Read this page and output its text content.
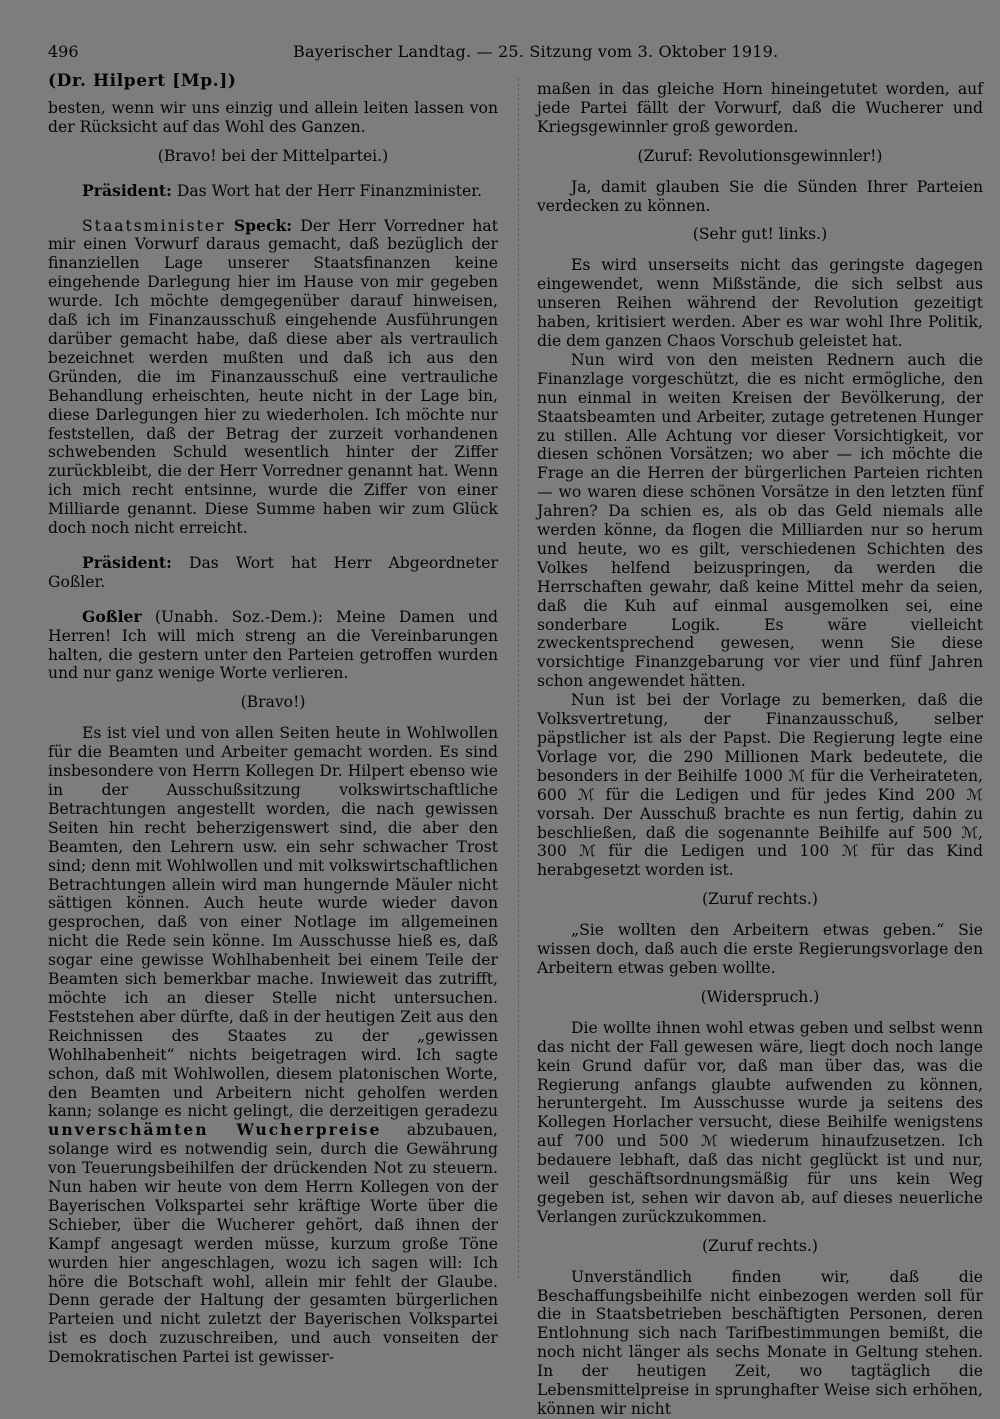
496	Bayerischer Landtag. — 25. Sitzung vom 3. Oktober 1919.
(Dr. Hilpert [Mp.])

besten, wenn wir uns einzig und allein leiten lassen von der Rücksicht auf das Wohl des Ganzen.

(Bravo! bei der Mittelpartei.)

Präsident: Das Wort hat der Herr Finanzminister.

Staatsminister Speck: Der Herr Vorredner hat mir einen Vorwurf daraus gemacht, daß bezüglich der finanziellen Lage unserer Staatsfinanzen keine eingehende Darlegung hier im Hause von mir gegeben wurde. Ich möchte demgegenüber darauf hinweisen, daß ich im Finanzausschuß eingehende Ausführungen darüber gemacht habe, daß diese aber als vertraulich bezeichnet werden mußten und daß ich aus den Gründen, die im Finanzausschuß eine vertrauliche Behandlung erheischten, heute nicht in der Lage bin, diese Darlegungen hier zu wiederholen. Ich möchte nur feststellen, daß der Betrag der zurzeit vorhandenen schwebenden Schuld wesentlich hinter der Ziffer zurückbleibt, die der Herr Vorredner genannt hat. Wenn ich mich recht entsinne, wurde die Ziffer von einer Milliarde genannt. Diese Summe haben wir zum Glück doch noch nicht erreicht.

Präsident: Das Wort hat Herr Abgeordneter Goßler.

Goßler (Unabh. Soz.-Dem.): Meine Damen und Herren! Ich will mich streng an die Vereinbarungen halten, die gestern unter den Parteien getroffen wurden und nur ganz wenige Worte verlieren.

(Bravo!)

Es ist viel und von allen Seiten heute in Wohlwollen für die Beamten und Arbeiter gemacht worden. Es sind insbesondere von Herrn Kollegen Dr. Hilpert ebenso wie in der Ausschußsitzung volkswirtschaftliche Betrachtungen angestellt worden, die nach gewissen Seiten hin recht beherzigenswert sind, die aber den Beamten, den Lehrern usw. ein sehr schwacher Trost sind; denn mit Wohlwollen und mit volkswirtschaftlichen Betrachtungen allein wird man hungernde Mäuler nicht sättigen können. Auch heute wurde wieder davon gesprochen, daß von einer Notlage im allgemeinen nicht die Rede sein könne. Im Ausschusse hieß es, daß sogar eine gewisse Wohlhabenheit bei einem Teile der Beamten sich bemerkbar mache. Inwieweit das zutrifft, möchte ich an dieser Stelle nicht untersuchen. Feststehen aber dürfte, daß in der heutigen Zeit aus den Reichnissen des Staates zu der „gewissen Wohlhabenheit“ nichts beigetragen wird. Ich sagte schon, daß mit Wohlwollen, diesem platonischen Worte, den Beamten und Arbeitern nicht geholfen werden kann; solange es nicht gelingt, die derzeitigen geradezu unverschämten Wucherpreise abzubauen, solange wird es notwendig sein, durch die Gewährung von Teuerungsbeihilfen der drückenden Not zu steuern. Nun haben wir heute von dem Herrn Kollegen von der Bayerischen Volkspartei sehr kräftige Worte über die Schieber, über die Wucherer gehört, daß ihnen der Kampf angesagt werden müsse, kurzum große Töne wurden hier angeschlagen, wozu ich sagen will: Ich höre die Botschaft wohl, allein mir fehlt der Glaube. Denn gerade der Haltung der gesamten bürgerlichen Parteien und nicht zuletzt der Bayerischen Volkspartei ist es doch zuzuschreiben, und auch vonseiten der Demokratischen Partei ist gewisser-

maßen in das gleiche Horn hineingetutet worden, auf jede Partei fällt der Vorwurf, daß die Wucherer und Kriegsgewinnler groß geworden.

(Zuruf: Revolutionsgewinnler!)

Ja, damit glauben Sie die Sünden Ihrer Parteien verdecken zu können.

(Sehr gut! links.)

Es wird unserseits nicht das geringste dagegen eingewendet, wenn Mißstände, die sich selbst aus unseren Reihen während der Revolution gezeitigt haben, kritisiert werden. Aber es war wohl Ihre Politik, die dem ganzen Chaos Vorschub geleistet hat.

Nun wird von den meisten Rednern auch die Finanzlage vorgeschützt, die es nicht ermögliche, den nun einmal in weiten Kreisen der Bevölkerung, der Staatsbeamten und Arbeiter, zutage getretenen Hunger zu stillen. Alle Achtung vor dieser Vorsichtigkeit, vor diesen schönen Vorsätzen; wo aber — ich möchte die Frage an die Herren der bürgerlichen Parteien richten — wo waren diese schönen Vorsätze in den letzten fünf Jahren? Da schien es, als ob das Geld niemals alle werden könne, da flogen die Milliarden nur so herum und heute, wo es gilt, verschiedenen Schichten des Volkes helfend beizuspringen, da werden die Herrschaften gewahr, daß keine Mittel mehr da seien, daß die Kuh auf einmal ausgemolken sei, eine sonderbare Logik. Es wäre vielleicht zweckentsprechend gewesen, wenn Sie diese vorsichtige Finanzgebarung vor vier und fünf Jahren schon angewendet hätten.

Nun ist bei der Vorlage zu bemerken, daß die Volksvertretung, der Finanzausschuß, selber päpstlicher ist als der Papst. Die Regierung legte eine Vorlage vor, die 290 Millionen Mark bedeutete, die besonders in der Beihilfe 1000 ℳ für die Verheirateten, 600 ℳ für die Ledigen und für jedes Kind 200 ℳ vorsah. Der Ausschuß brachte es nun fertig, dahin zu beschließen, daß die sogenannte Beihilfe auf 500 ℳ, 300 ℳ für die Ledigen und 100 ℳ für das Kind herabgesetzt worden ist.

(Zuruf rechts.)

„Sie wollten den Arbeitern etwas geben.“ Sie wissen doch, daß auch die erste Regierungsvorlage den Arbeitern etwas geben wollte.

(Widerspruch.)

Die wollte ihnen wohl etwas geben und selbst wenn das nicht der Fall gewesen wäre, liegt doch noch lange kein Grund dafür vor, daß man über das, was die Regierung anfangs glaubte aufwenden zu können, heruntergeht. Im Ausschusse wurde ja seitens des Kollegen Horlacher versucht, diese Beihilfe wenigstens auf 700 und 500 ℳ wiederum hinaufzusetzen. Ich bedauere lebhaft, daß das nicht geglückt ist und nur, weil geschäftsordnungsmäßig für uns kein Weg gegeben ist, sehen wir davon ab, auf dieses neuerliche Verlangen zurückzukommen.

(Zuruf rechts.)

Unverständlich finden wir, daß die Beschaffungsbeihilfe nicht einbezogen werden soll für die in Staatsbetrieben beschäftigten Personen, deren Entlohnung sich nach Tarifbestimmungen bemißt, die noch nicht länger als sechs Monate in Geltung stehen. In der heutigen Zeit, wo tagtäglich die Lebensmittelpreise in sprunghafter Weise sich erhöhen, können wir nicht
